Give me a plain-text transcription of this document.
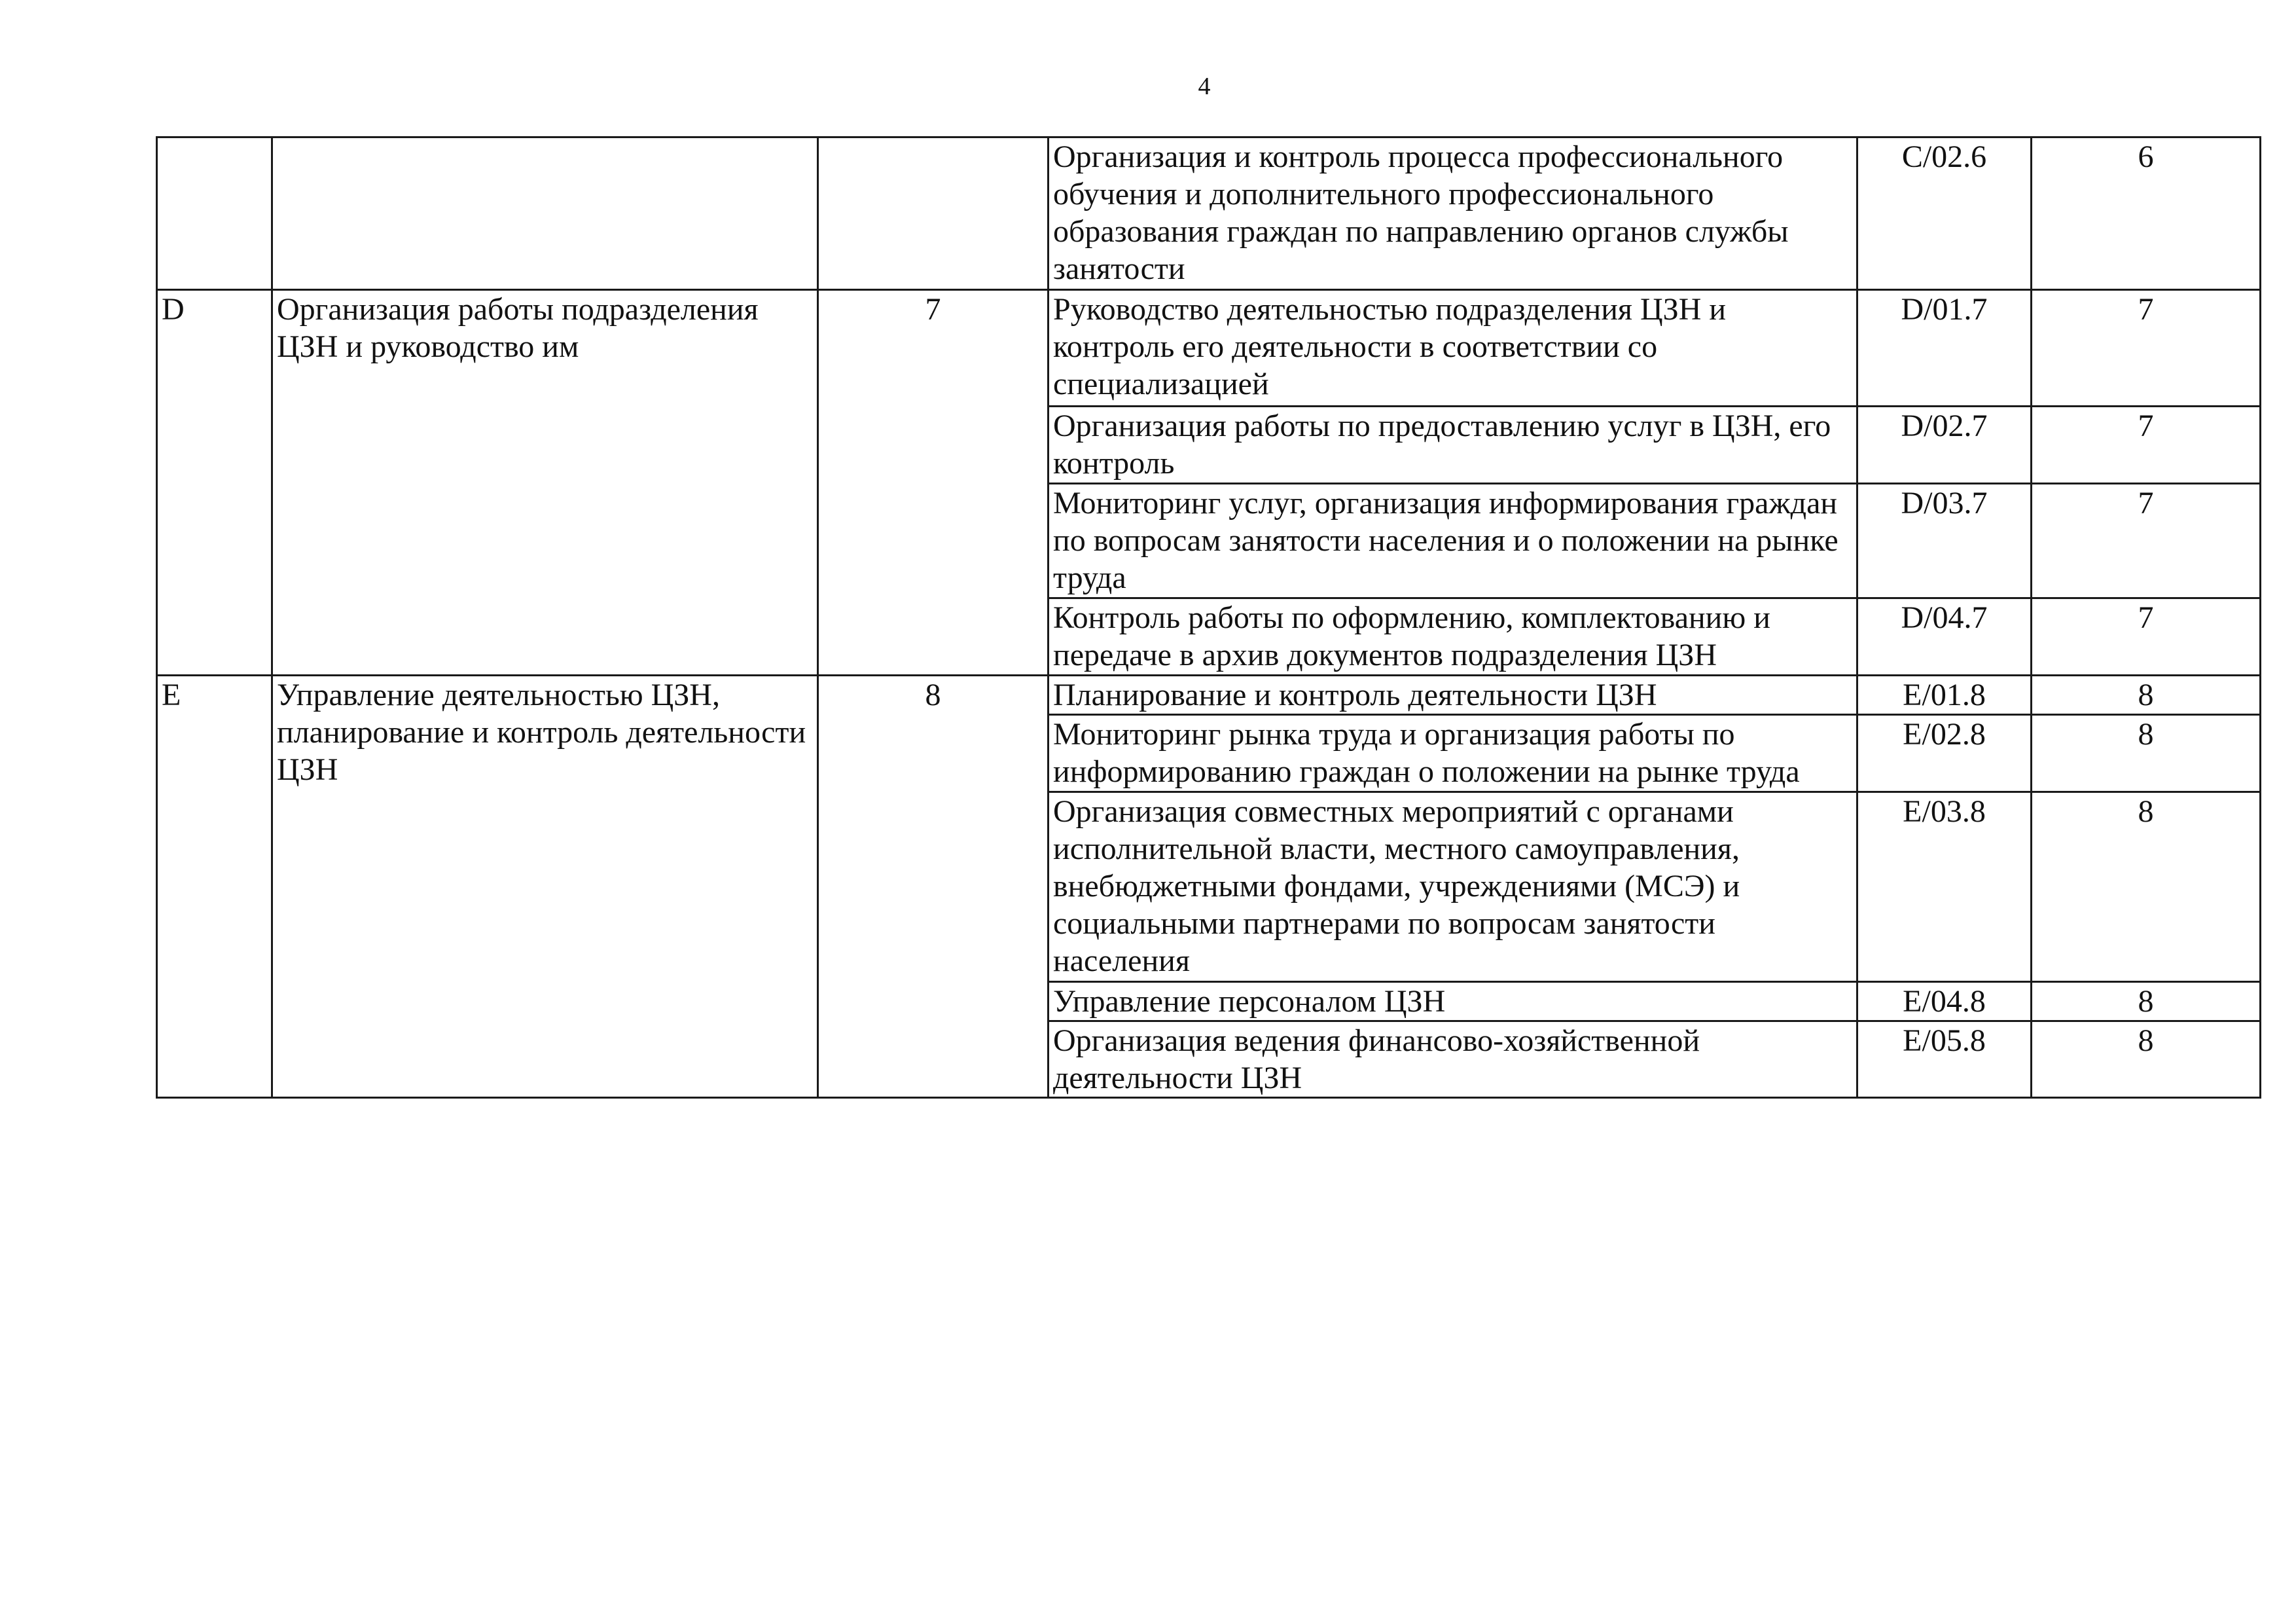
4
			Организация и контроль процесса профессионального обучения и дополнительного профессионального образования граждан по направлению органов службы занятости	C/02.6	6
D	Организация работы подразделения ЦЗН и руководство им	7	Руководство деятельностью подразделения ЦЗН и контроль его деятельности в соответствии со специализацией	D/01.7	7
			Организация работы по предоставлению услуг в ЦЗН, его контроль	D/02.7	7
			Мониторинг услуг, организация информирования граждан по вопросам занятости населения и о положении на рынке труда	D/03.7	7
			Контроль работы по оформлению, комплектованию и передаче в архив документов подразделения ЦЗН	D/04.7	7
E	Управление деятельностью ЦЗН, планирование и контроль деятельности ЦЗН	8	Планирование и контроль деятельности ЦЗН	E/01.8	8
			Мониторинг рынка труда и организация работы по информированию граждан о положении на рынке труда	E/02.8	8
			Организация совместных мероприятий с органами исполнительной власти, местного самоуправления, внебюджетными фондами, учреждениями (МСЭ) и социальными партнерами по вопросам занятости населения	E/03.8	8
			Управление персоналом ЦЗН	E/04.8	8
			Организация ведения финансово-хозяйственной деятельности ЦЗН	E/05.8	8
